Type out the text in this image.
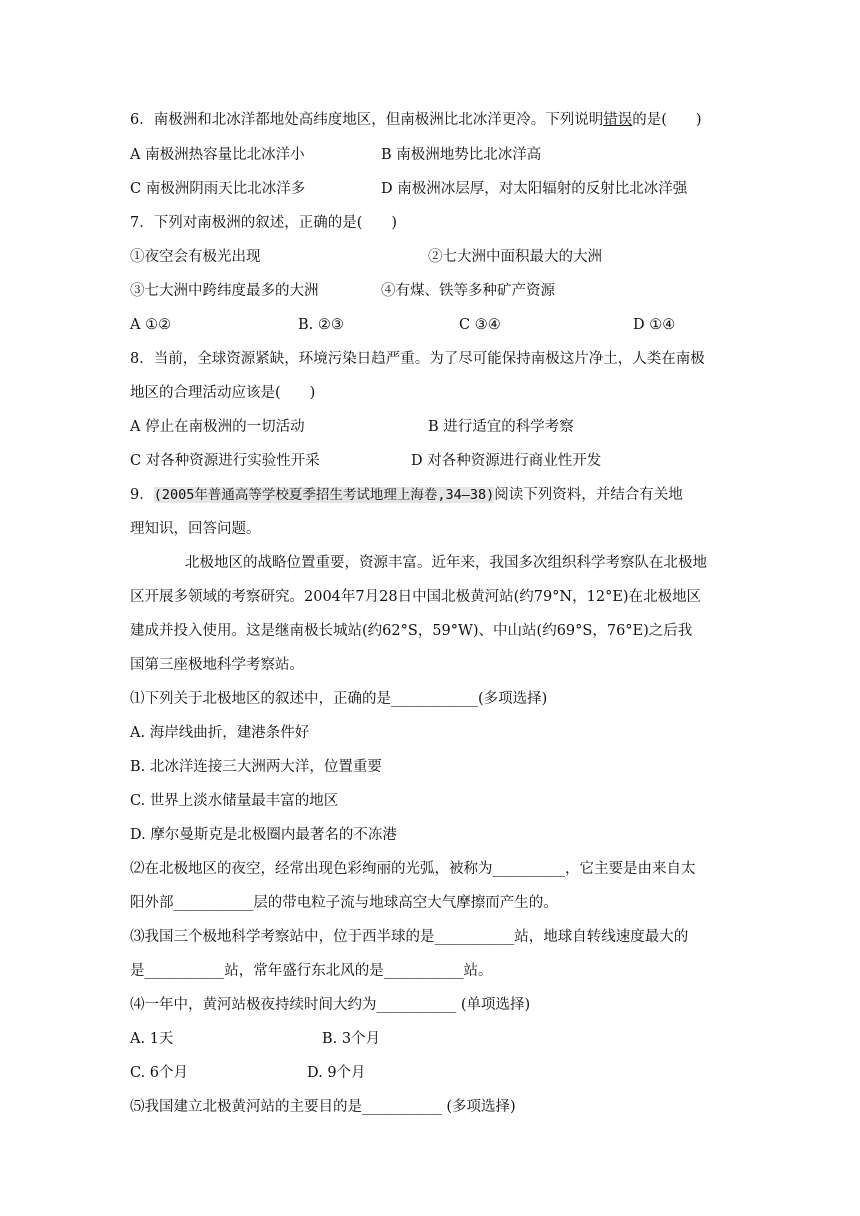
6．南极洲和北冰洋都地处高纬度地区，但南极洲比北冰洋更冷。下列说明错误的是(　　)
A 南极洲热容量比北冰洋小	B 南极洲地势比北冰洋高
C 南极洲阴雨天比北冰洋多	D 南极洲冰层厚，对太阳辐射的反射比北冰洋强
7．下列对南极洲的叙述，正确的是(　　)
①夜空会有极光出现	②七大洲中面积最大的大洲
③七大洲中跨纬度最多的大洲	④有煤、铁等多种矿产资源
A ①②	B. ②③	C ③④	D ①④
8．当前，全球资源紧缺，环境污染日趋严重。为了尽可能保持南极这片净土，人类在南极
地区的合理活动应该是(　　)
A 停止在南极洲的一切活动	B 进行适宜的科学考察
C 对各种资源进行实验性开采	D 对各种资源进行商业性开发
9．(2005年普通高等学校夏季招生考试地理上海卷,34—38)阅读下列资料，并结合有关地
理知识，回答问题。
北极地区的战略位置重要，资源丰富。近年来，我国多次组织科学考察队在北极地
区开展多领域的考察研究。2004年7月28日中国北极黄河站(约79°N，12°E)在北极地区
建成并投入使用。这是继南极长城站(约62°S，59°W)、中山站(约69°S，76°E)之后我
国第三座极地科学考察站。
⑴下列关于北极地区的叙述中，正确的是____________(多项选择)
A. 海岸线曲折，建港条件好
B. 北冰洋连接三大洲两大洋，位置重要
C. 世界上淡水储量最丰富的地区
D. 摩尔曼斯克是北极圈内最著名的不冻港
⑵在北极地区的夜空，经常出现色彩绚丽的光弧，被称为__________，它主要是由来自太
阳外部___________层的带电粒子流与地球高空大气摩擦而产生的。
⑶我国三个极地科学考察站中，位于西半球的是___________站，地球自转线速度最大的
是___________站，常年盛行东北风的是___________站。
⑷一年中，黄河站极夜持续时间大约为___________ (单项选择)
A. 1天	B. 3个月
C. 6个月	D. 9个月
⑸我国建立北极黄河站的主要目的是___________ (多项选择)
